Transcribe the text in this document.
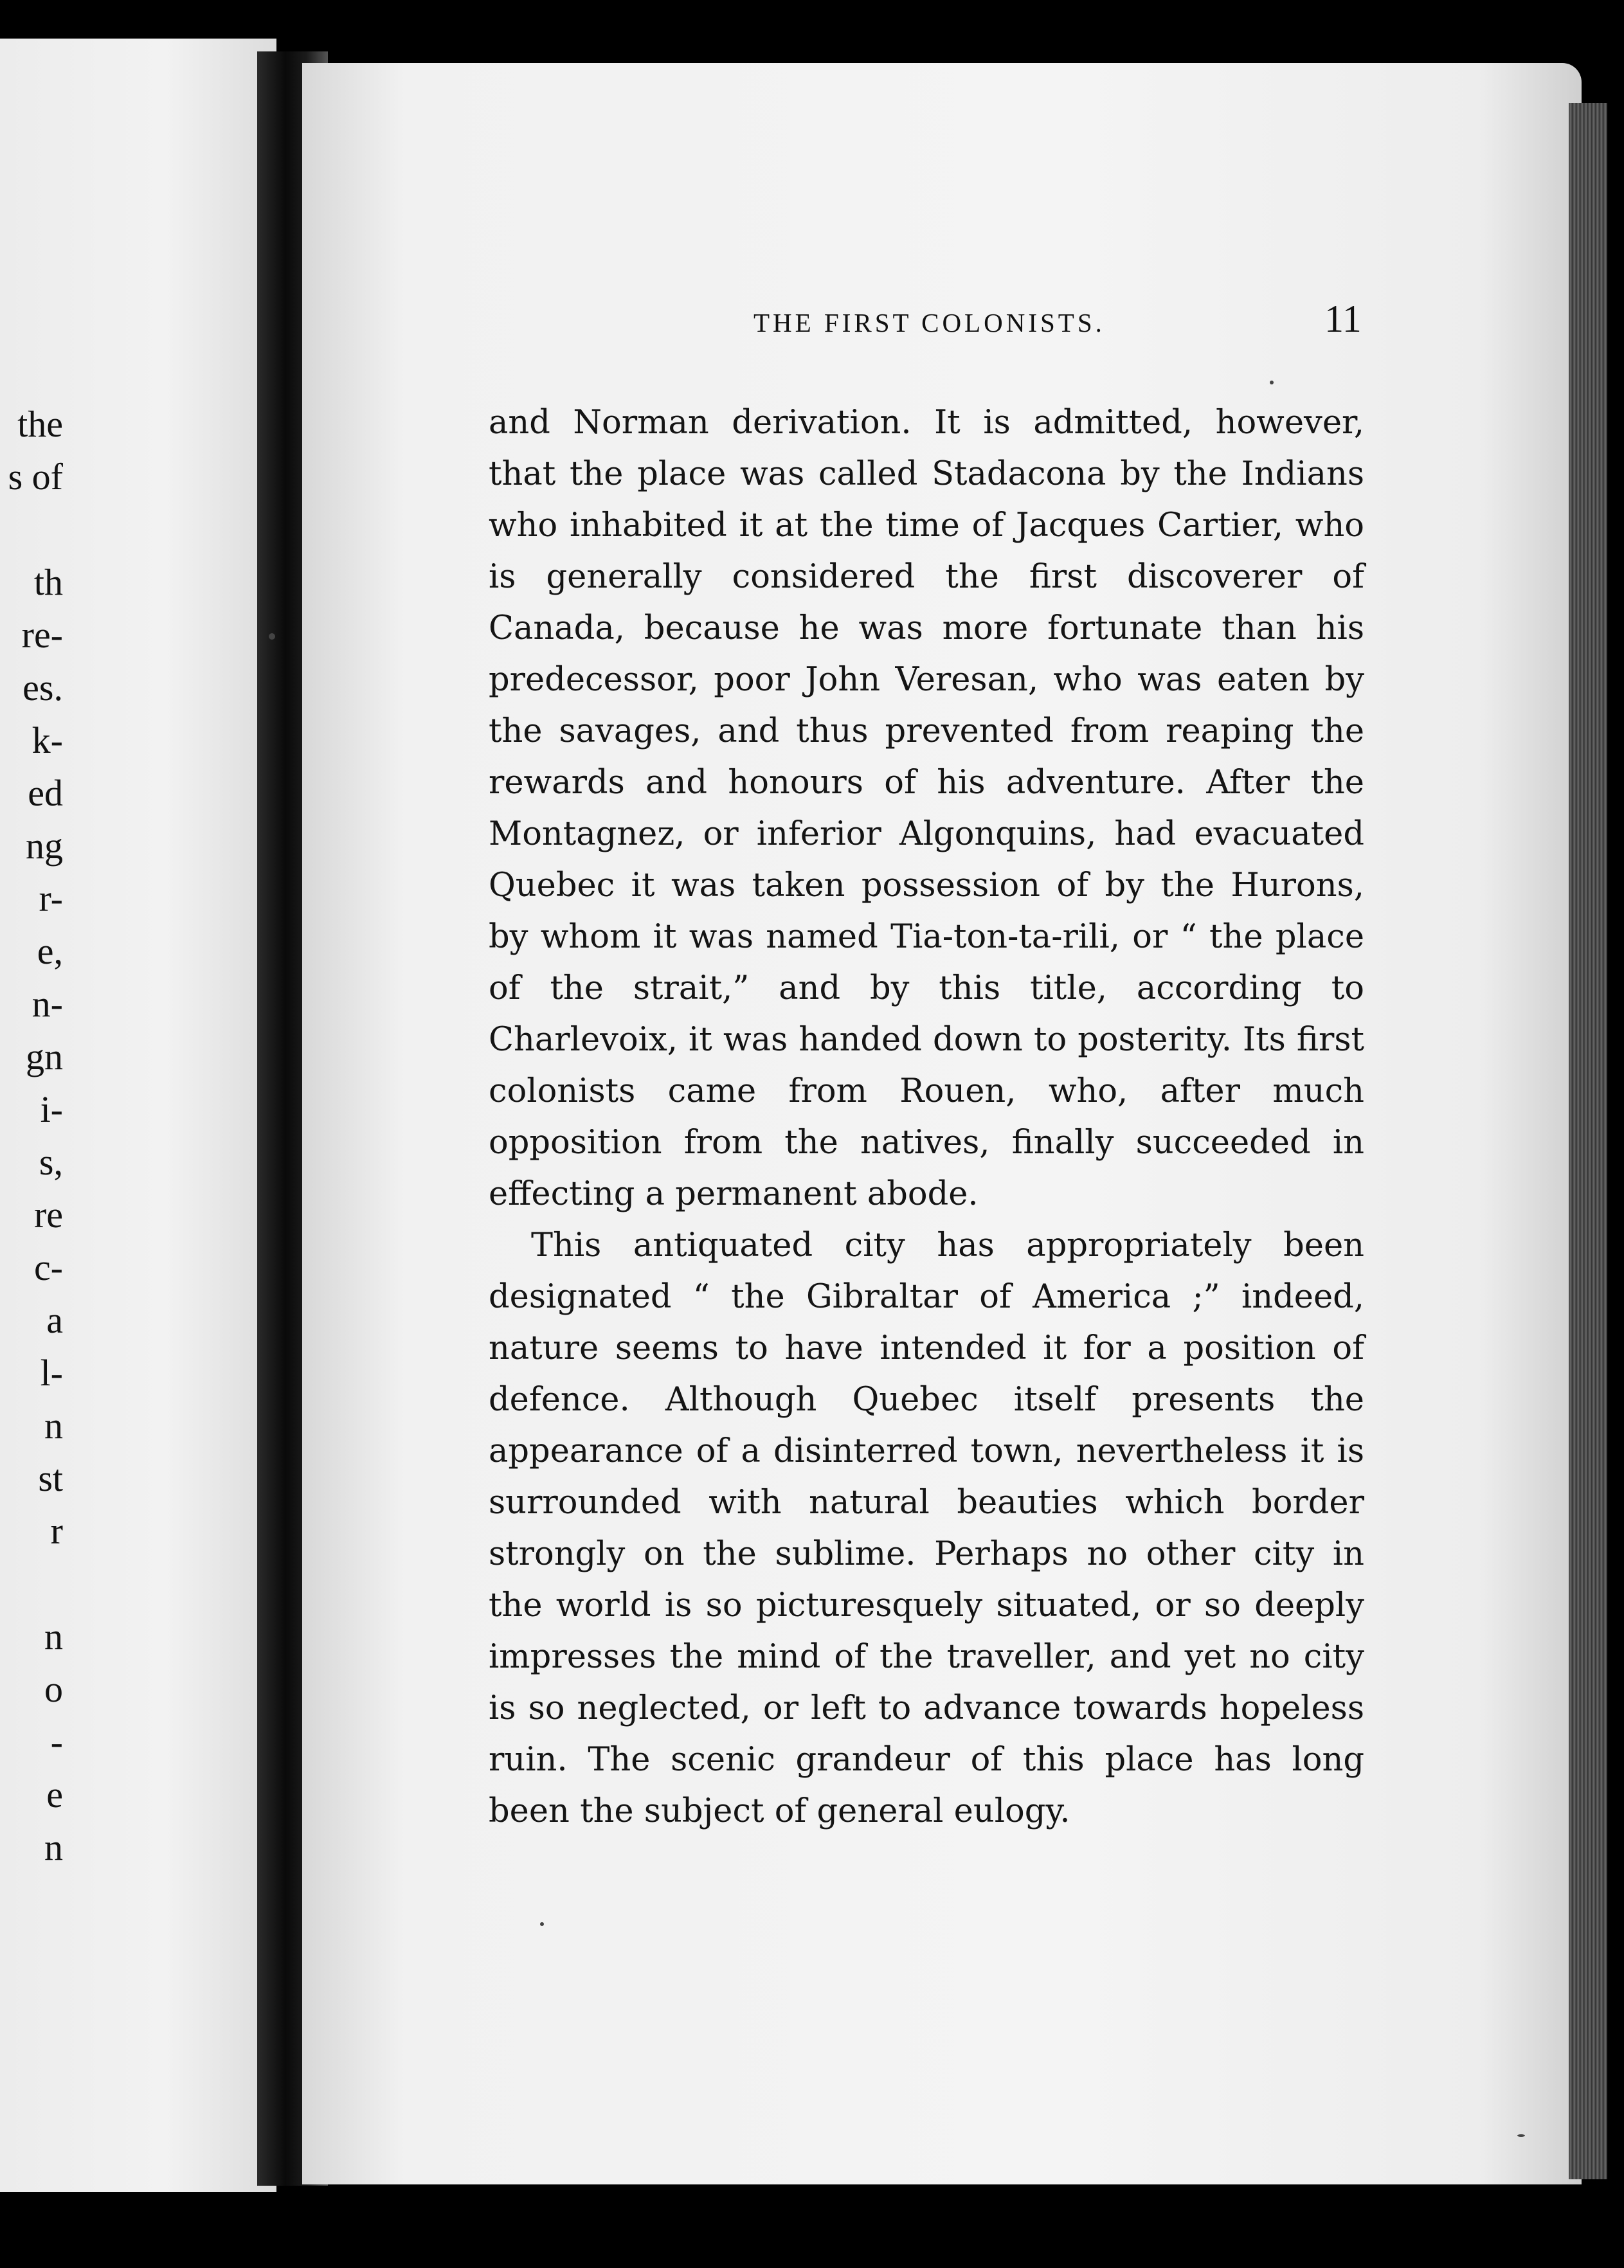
the
s of
th
re-
es.
k-
ed
ng
r-
e,
n-
gn
i-
s,
re
c-
a
l-
n
st
r
n
o
-
e
n
THE FIRST COLONISTS.	11

and Norman derivation. It is admitted, however, that the place was called Stadacona by the Indians who inhabited it at the time of Jacques Cartier, who is generally considered the first discoverer of Canada, because he was more fortunate than his predecessor, poor John Veresan, who was eaten by the savages, and thus prevented from reaping the rewards and honours of his adventure. After the Montagnez, or inferior Algonquins, had evacuated Quebec it was taken possession of by the Hurons, by whom it was named Tia-ton-ta-rili, or “ the place of the strait,” and by this title, according to Charlevoix, it was handed down to posterity. Its first colonists came from Rouen, who, after much opposition from the natives, finally succeeded in effecting a permanent abode.

This antiquated city has appropriately been designated “ the Gibraltar of America ;” indeed, nature seems to have intended it for a position of defence. Although Quebec itself presents the appearance of a disinterred town, nevertheless it is surrounded with natural beauties which border strongly on the sublime. Perhaps no other city in the world is so picturesquely situated, or so deeply impresses the mind of the traveller, and yet no city is so neglected, or left to advance towards hopeless ruin. The scenic grandeur of this place has long been the subject of general eulogy.
